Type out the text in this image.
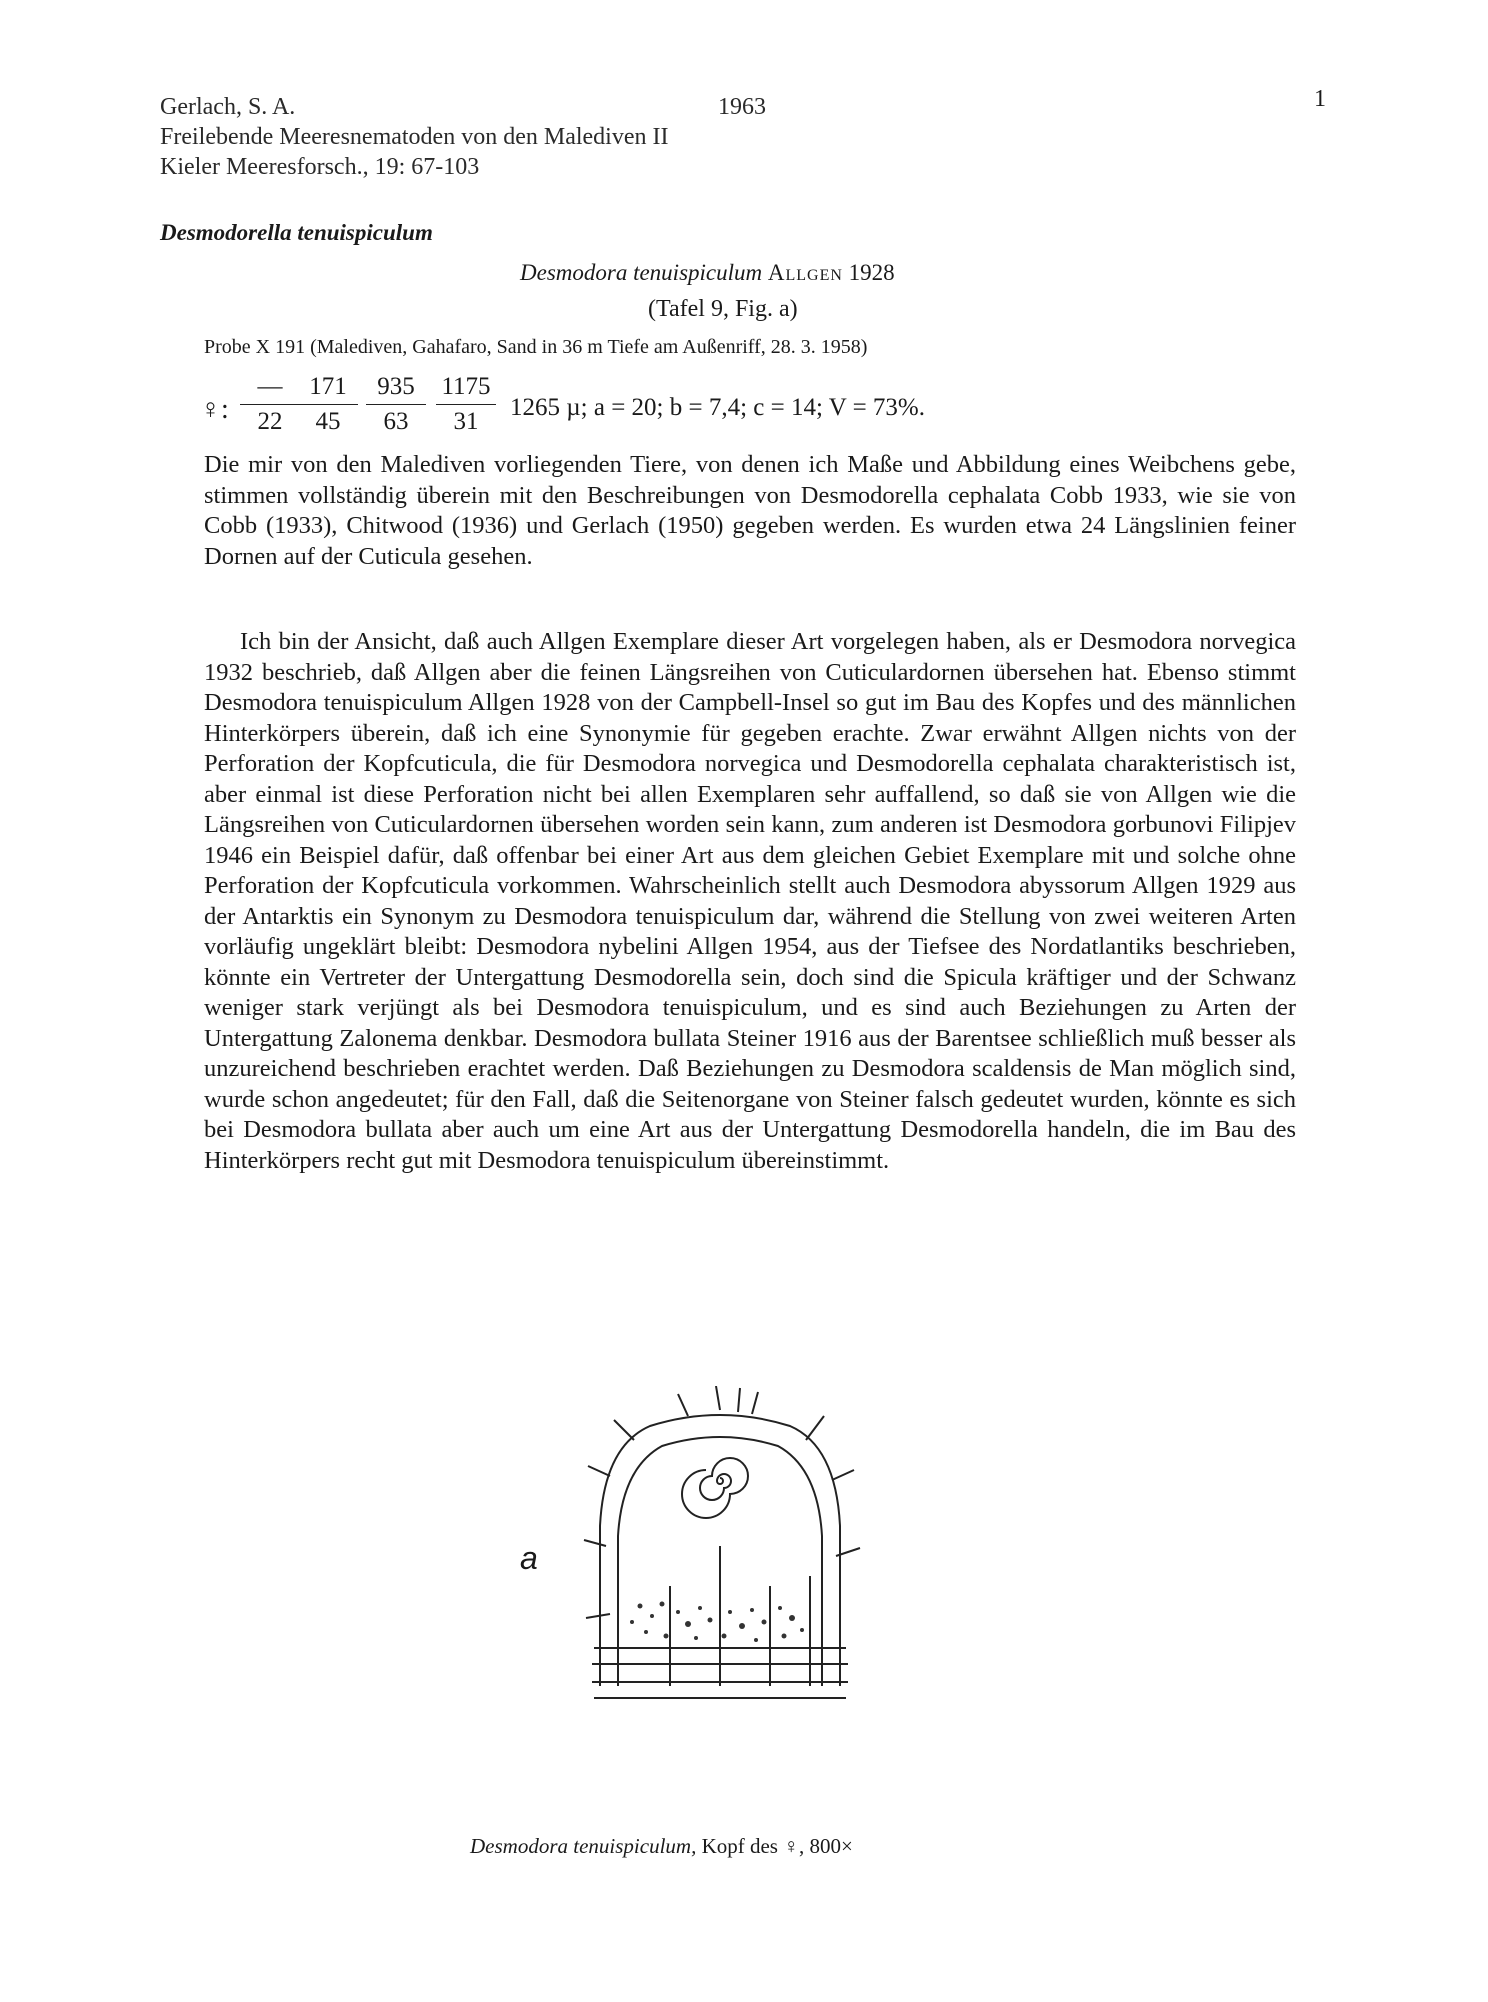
Gerlach, S. A.	1963
Freilebende Meeresnematoden von den Malediven II
Kieler Meeresforsch., 19: 67-103
1
Desmodorella tenuispiculum
Desmodora tenuispiculum Allgen 1928
(Tafel 9, Fig. a)
Probe X 191 (Malediven, Gahafaro, Sand in 36 m Tiefe am Außenriff, 28. 3. 1958)
♀:
—
22
171
45
935
63
1175
31
1265 µ; a = 20; b = 7,4; c = 14; V = 73%.
Die mir von den Malediven vorliegenden Tiere, von denen ich Maße und Abbildung eines Weibchens gebe, stimmen vollständig überein mit den Beschreibungen von Desmodorella cephalata Cobb 1933, wie sie von Cobb (1933), Chitwood (1936) und Gerlach (1950) gegeben werden. Es wurden etwa 24 Längslinien feiner Dornen auf der Cuticula gesehen.
Ich bin der Ansicht, daß auch Allgen Exemplare dieser Art vorgelegen haben, als er Desmodora norvegica 1932 beschrieb, daß Allgen aber die feinen Längsreihen von Cuticulardornen übersehen hat. Ebenso stimmt Desmodora tenuispiculum Allgen 1928 von der Campbell-Insel so gut im Bau des Kopfes und des männlichen Hinterkörpers überein, daß ich eine Synonymie für gegeben erachte. Zwar erwähnt Allgen nichts von der Perforation der Kopfcuticula, die für Desmodora norvegica und Desmodorella cephalata charakteristisch ist, aber einmal ist diese Perforation nicht bei allen Exemplaren sehr auffallend, so daß sie von Allgen wie die Längsreihen von Cuticulardornen übersehen worden sein kann, zum anderen ist Desmodora gorbunovi Filipjev 1946 ein Beispiel dafür, daß offenbar bei einer Art aus dem gleichen Gebiet Exemplare mit und solche ohne Perforation der Kopfcuticula vorkommen. Wahrscheinlich stellt auch Desmodora abyssorum Allgen 1929 aus der Antarktis ein Synonym zu Desmodora tenuispiculum dar, während die Stellung von zwei weiteren Arten vorläufig ungeklärt bleibt: Desmodora nybelini Allgen 1954, aus der Tiefsee des Nordatlantiks beschrieben, könnte ein Vertreter der Untergattung Desmodorella sein, doch sind die Spicula kräftiger und der Schwanz weniger stark verjüngt als bei Desmodora tenuispiculum, und es sind auch Beziehungen zu Arten der Untergattung Zalonema denkbar. Desmodora bullata Steiner 1916 aus der Barentsee schließlich muß besser als unzureichend beschrieben erachtet werden. Daß Beziehungen zu Desmodora scaldensis de Man möglich sind, wurde schon angedeutet; für den Fall, daß die Seitenorgane von Steiner falsch gedeutet wurden, könnte es sich bei Desmodora bullata aber auch um eine Art aus der Untergattung Desmodorella handeln, die im Bau des Hinterkörpers recht gut mit Desmodora tenuispiculum übereinstimmt.
a
Desmodora tenuispiculum, Kopf des ♀, 800×
